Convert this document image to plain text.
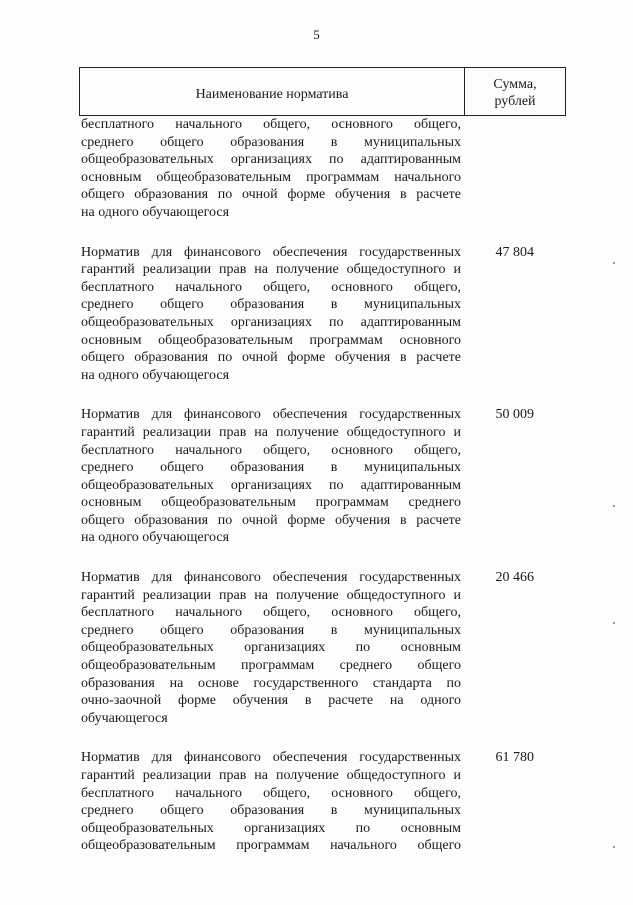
5
Наименование норматива
Сумма,
рублей
бесплатного начального общего, основного общего,
среднего общего образования в муниципальных
общеобразовательных организациях по адаптированным
основным общеобразовательным программам начального
общего образования по очной форме обучения в расчете
на одного обучающегося
Норматив для финансового обеспечения государственных
гарантий реализации прав на получение общедоступного и
бесплатного начального общего, основного общего,
среднего общего образования в муниципальных
общеобразовательных организациях по адаптированным
основным общеобразовательным программам основного
общего образования по очной форме обучения в расчете
на одного обучающегося
47 804
Норматив для финансового обеспечения государственных
гарантий реализации прав на получение общедоступного и
бесплатного начального общего, основного общего,
среднего общего образования в муниципальных
общеобразовательных организациях по адаптированным
основным общеобразовательным программам среднего
общего образования по очной форме обучения в расчете
на одного обучающегося
50 009
Норматив для финансового обеспечения государственных
гарантий реализации прав на получение общедоступного и
бесплатного начального общего, основного общего,
среднего общего образования в муниципальных
общеобразовательных организациях по основным
общеобразовательным программам среднего общего
образования на основе государственного стандарта по
очно-заочной форме обучения в расчете на одного
обучающегося
20 466
Норматив для финансового обеспечения государственных
гарантий реализации прав на получение общедоступного и
бесплатного начального общего, основного общего,
среднего общего образования в муниципальных
общеобразовательных организациях по основным
общеобразовательным программам начального общего
61 780
